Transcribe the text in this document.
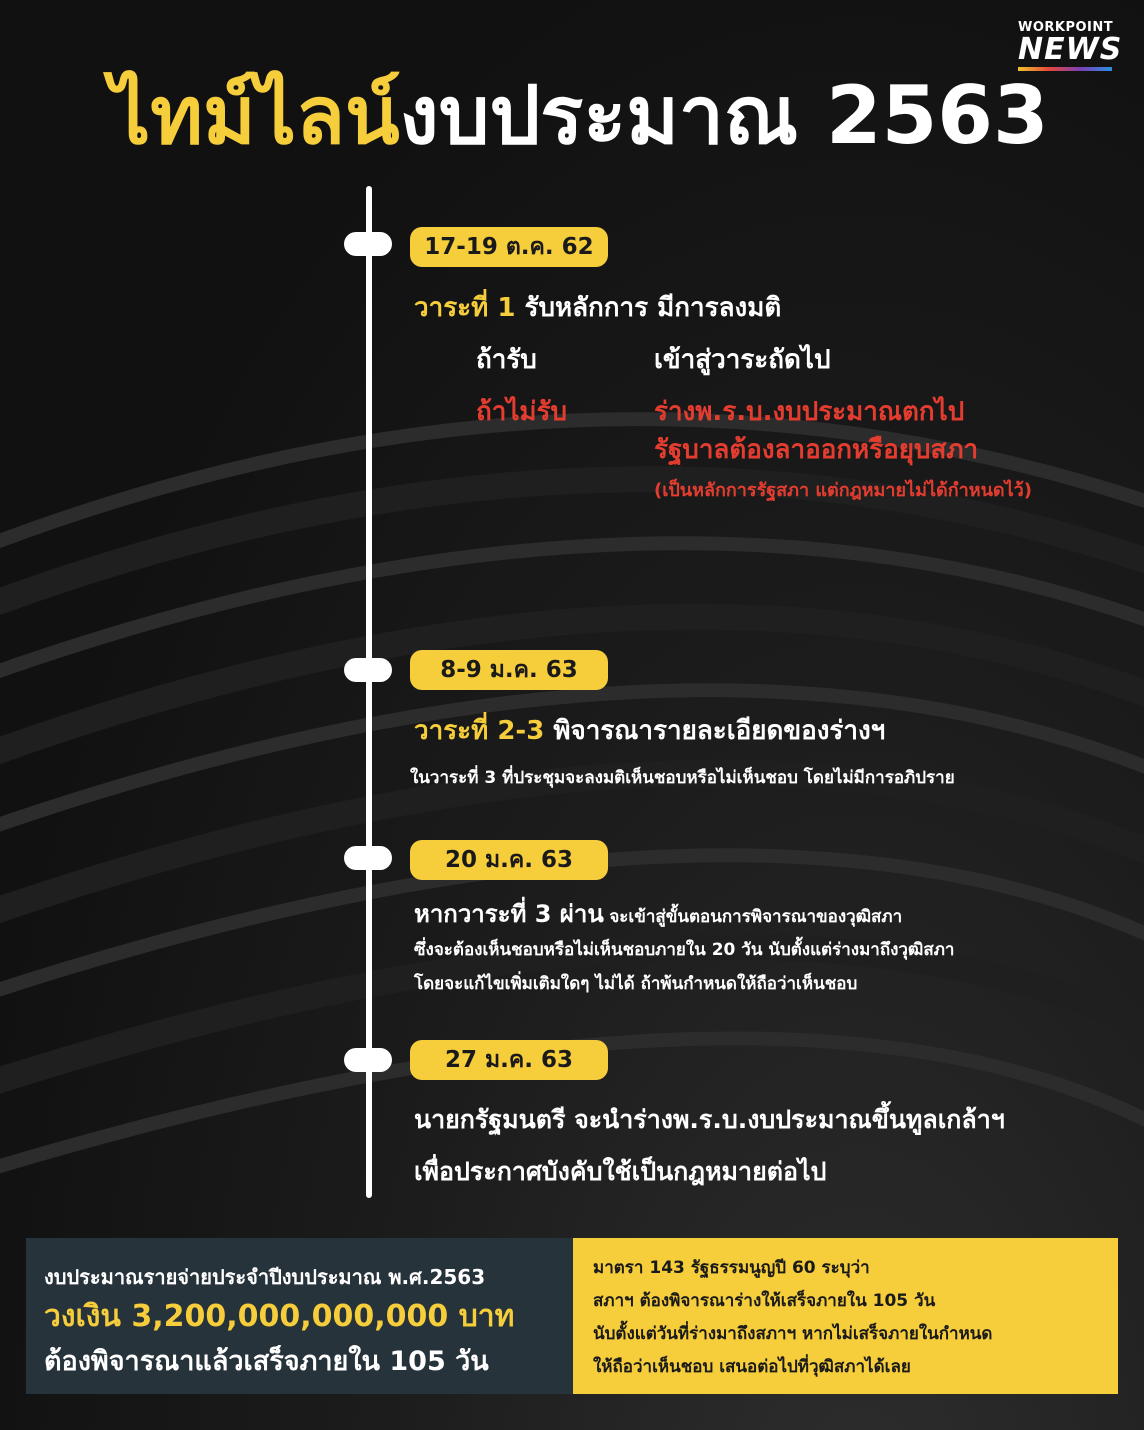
WORKPOINT
NEWS
ไทม์ไลน์งบประมาณ 2563
17-19 ต.ค. 62
วาระที่ 1 รับหลักการ มีการลงมติ
ถ้ารับ	เข้าสู่วาระถัดไป
ถ้าไม่รับ	ร่างพ.ร.บ.งบประมาณตกไป
รัฐบาลต้องลาออกหรือยุบสภา
(เป็นหลักการรัฐสภา แต่กฎหมายไม่ได้กำหนดไว้)
8-9 ม.ค. 63
วาระที่ 2-3 พิจารณารายละเอียดของร่างฯ
ในวาระที่ 3 ที่ประชุมจะลงมติเห็นชอบหรือไม่เห็นชอบ โดยไม่มีการอภิปราย
20 ม.ค. 63
หากวาระที่ 3 ผ่าน จะเข้าสู่ขั้นตอนการพิจารณาของวุฒิสภา
ซึ่งจะต้องเห็นชอบหรือไม่เห็นชอบภายใน 20 วัน นับตั้งแต่ร่างมาถึงวุฒิสภา
โดยจะแก้ไขเพิ่มเติมใดๆ ไม่ได้ ถ้าพ้นกำหนดให้ถือว่าเห็นชอบ
27 ม.ค. 63
นายกรัฐมนตรี จะนำร่างพ.ร.บ.งบประมาณขึ้นทูลเกล้าฯ
เพื่อประกาศบังคับใช้เป็นกฎหมายต่อไป
งบประมาณรายจ่ายประจำปีงบประมาณ พ.ศ.2563
วงเงิน 3,200,000,000,000 บาท
ต้องพิจารณาแล้วเสร็จภายใน 105 วัน
มาตรา 143 รัฐธรรมนูญปี 60 ระบุว่า
สภาฯ ต้องพิจารณาร่างให้เสร็จภายใน 105 วัน
นับตั้งแต่วันที่ร่างมาถึงสภาฯ หากไม่เสร็จภายในกำหนด
ให้ถือว่าเห็นชอบ เสนอต่อไปที่วุฒิสภาได้เลย
